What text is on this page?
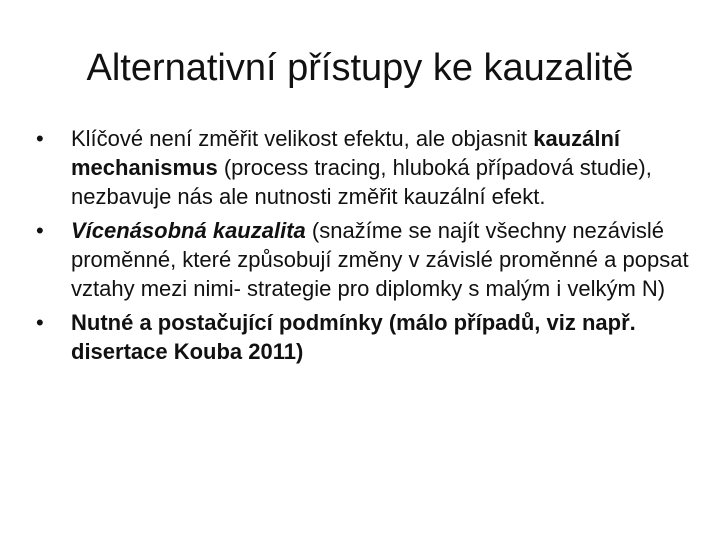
Alternativní přístupy ke kauzalitě
•	Klíčové není změřit velikost efektu, ale objasnit kauzální mechanismus (process tracing, hluboká případová studie), nezbavuje nás ale nutnosti změřit kauzální efekt.
•	Vícenásobná kauzalita (snažíme se najít všechny nezávislé proměnné, které způsobují změny v závislé proměnné a popsat vztahy mezi nimi- strategie pro diplomky s malým i velkým N)
•	Nutné a postačující podmínky (málo případů, viz např. disertace Kouba 2011)
